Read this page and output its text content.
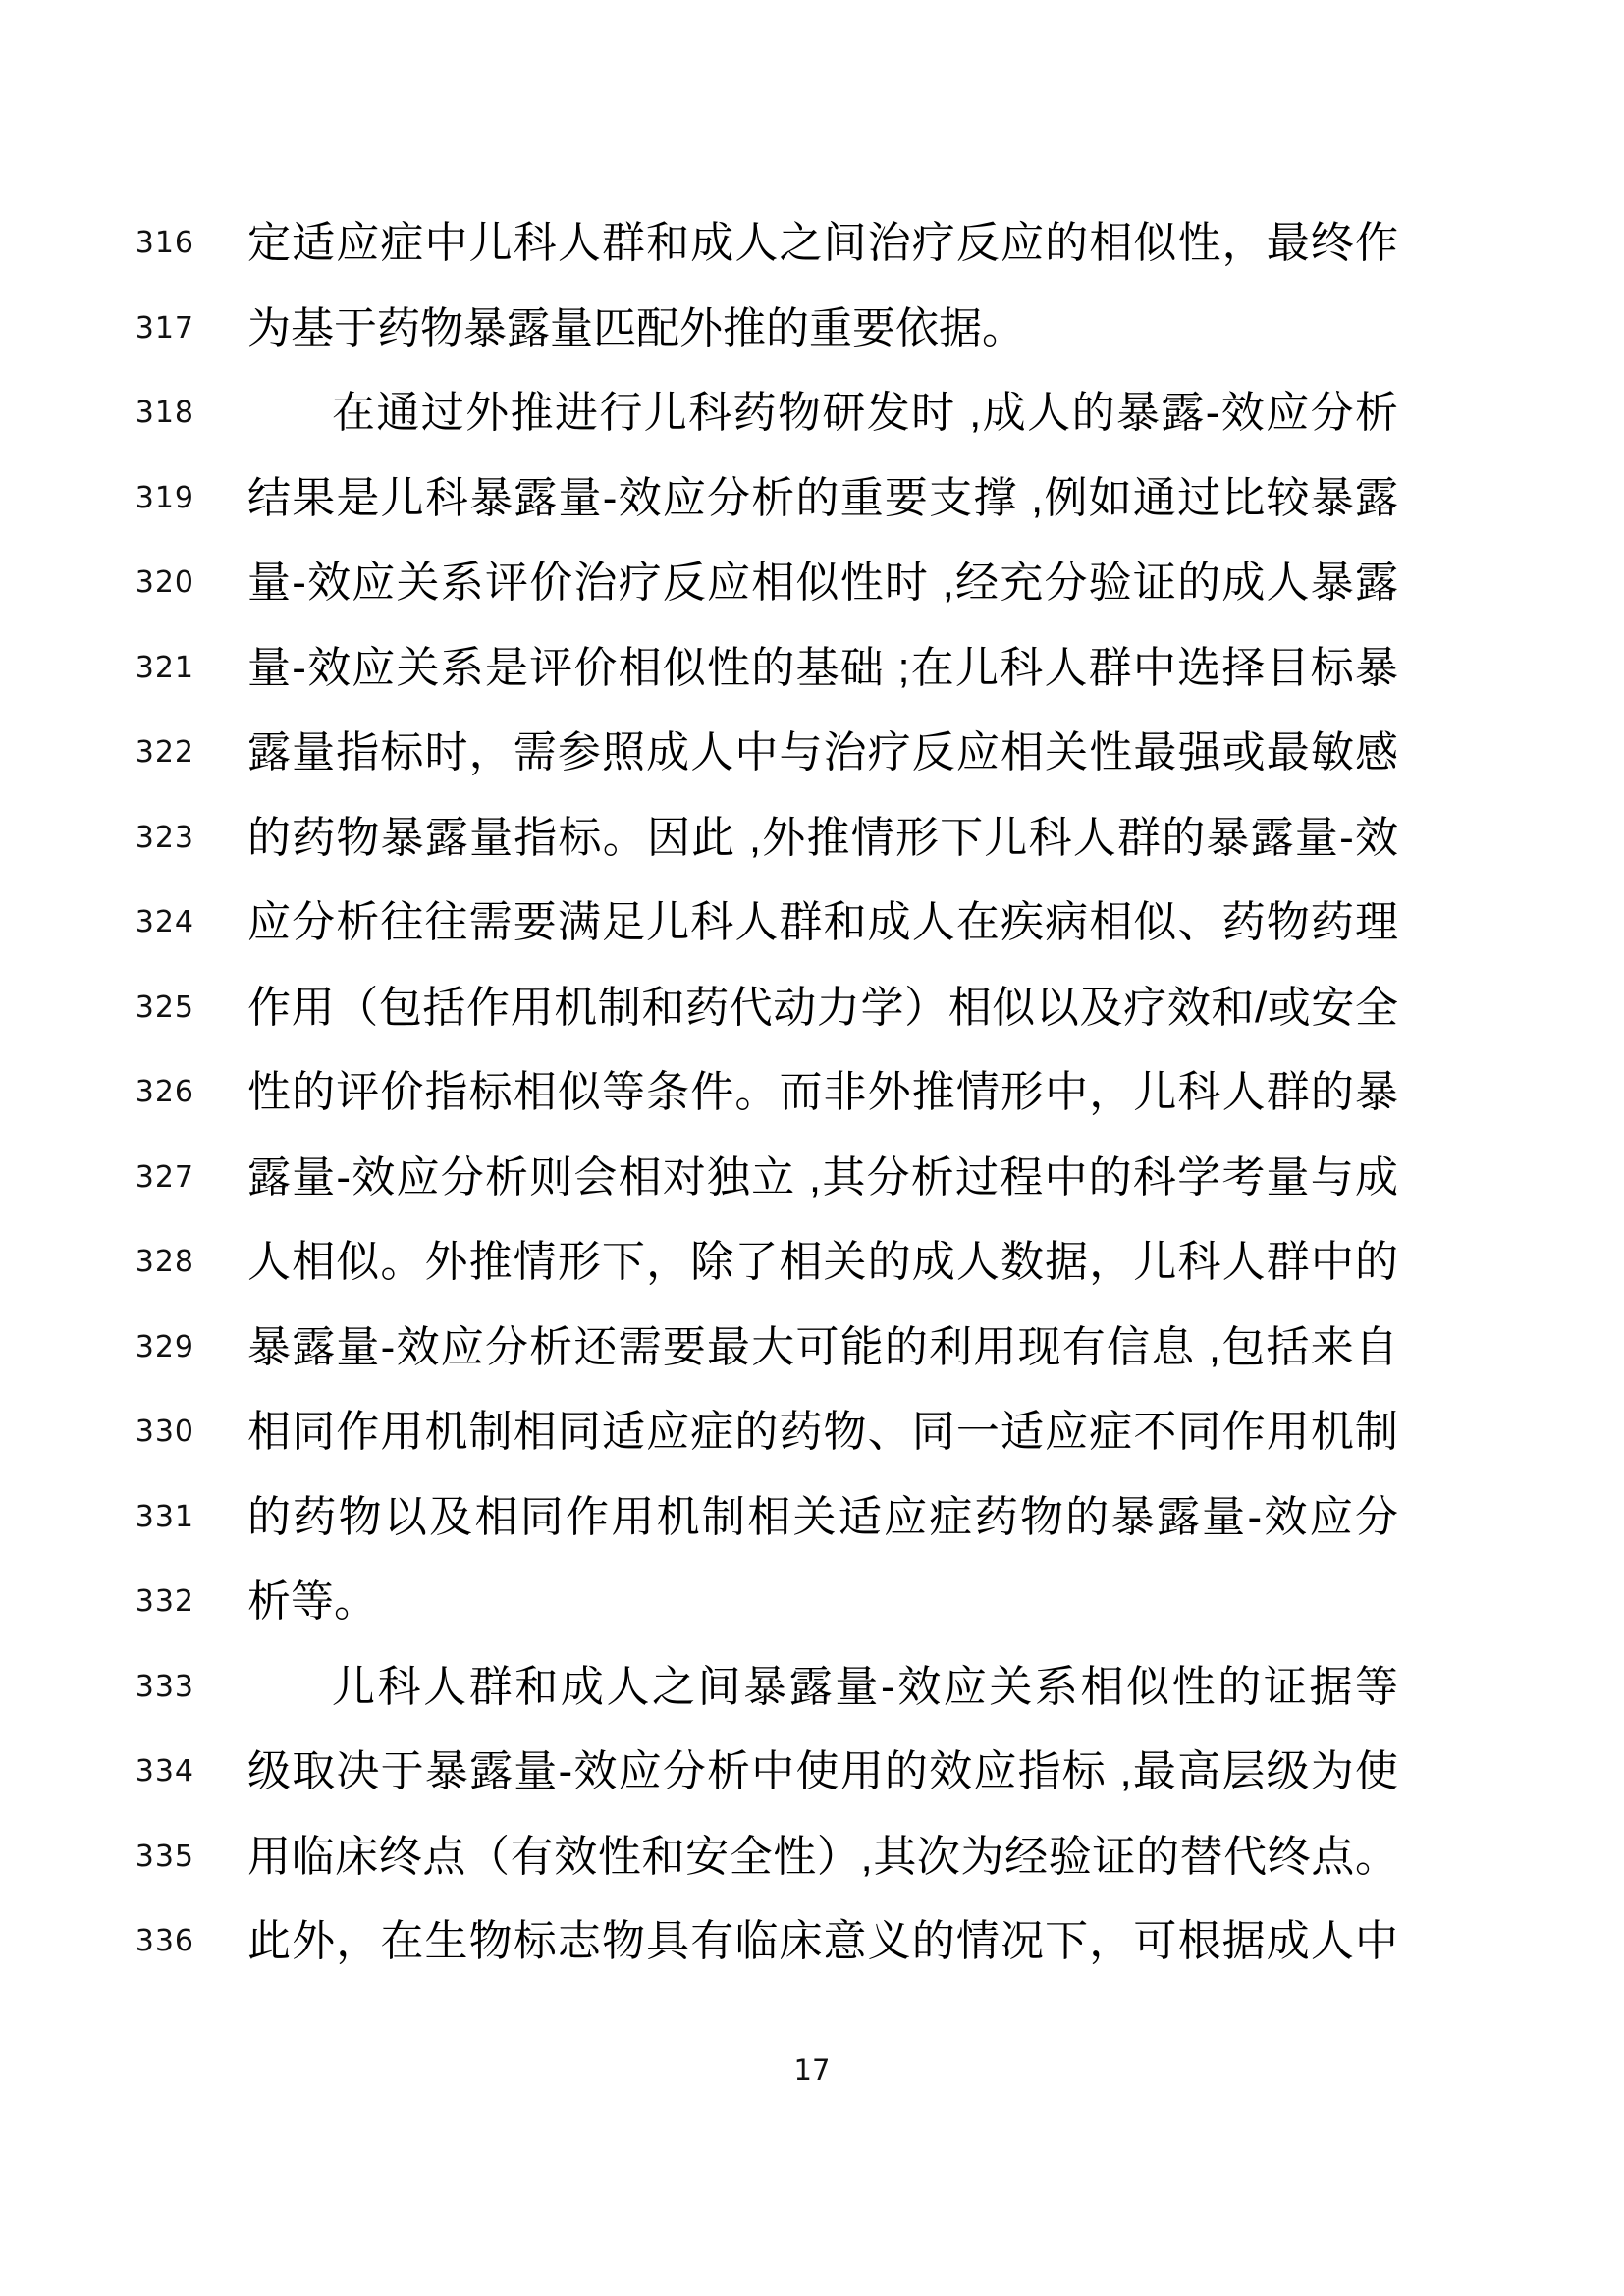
316 定适应症中儿科人群和成人之间治疗反应的相似性，最终作
317 为基于药物暴露量匹配外推的重要依据。
318	在通过外推进行儿科药物研发时 ,成人的暴露-效应分析
319 结果是儿科暴露量-效应分析的重要支撑 ,例如通过比较暴露
320 量-效应关系评价治疗反应相似性时 ,经充分验证的成人暴露
321 量-效应关系是评价相似性的基础 ;在儿科人群中选择目标暴
322 露量指标时，需参照成人中与治疗反应相关性最强或最敏感
323 的药物暴露量指标。因此 ,外推情形下儿科人群的暴露量-效
324 应分析往往需要满足儿科人群和成人在疾病相似、药物药理
325 作用（包括作用机制和药代动力学）相似以及疗效和/或安全
326 性的评价指标相似等条件。而非外推情形中，儿科人群的暴
327 露量-效应分析则会相对独立 ,其分析过程中的科学考量与成
328 人相似。外推情形下，除了相关的成人数据，儿科人群中的
329 暴露量-效应分析还需要最大可能的利用现有信息 ,包括来自
330 相同作用机制相同适应症的药物、同一适应症不同作用机制
331 的药物以及相同作用机制相关适应症药物的暴露量-效应分
332 析等。
333	儿科人群和成人之间暴露量-效应关系相似性的证据等
334 级取决于暴露量-效应分析中使用的效应指标 ,最高层级为使
335 用临床终点（有效性和安全性）,其次为经验证的替代终点。
336 此外，在生物标志物具有临床意义的情况下，可根据成人中
17
